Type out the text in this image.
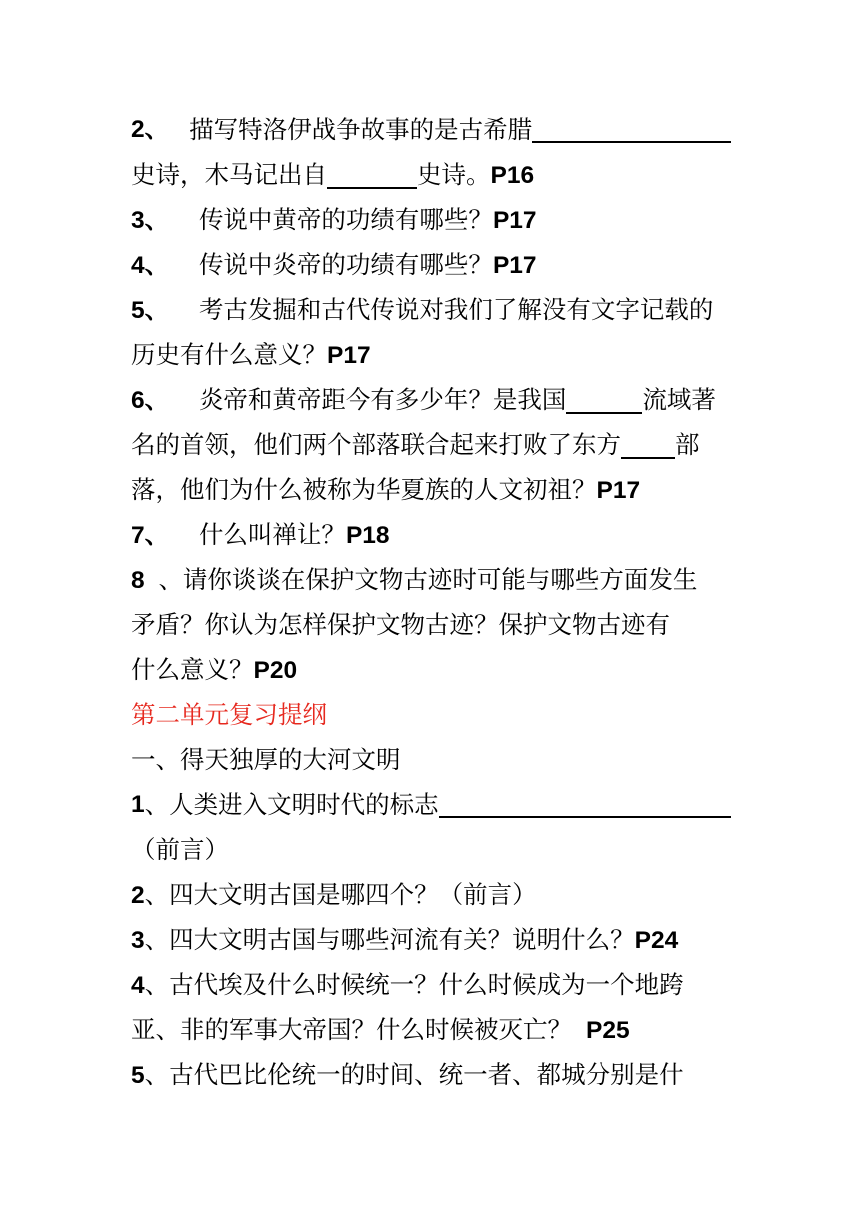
2、 描写特洛伊战争故事的是古希腊
史诗，木马记出自	史诗。P16
3、 传说中黄帝的功绩有哪些？P17
4、 传说中炎帝的功绩有哪些？P17
5、 考古发掘和古代传说对我们了解没有文字记载的
历史有什么意义？P17
6、 炎帝和黄帝距今有多少年？是我国	流域著
名的首领，他们两个部落联合起来打败了东方 部
落，他们为什么被称为华夏族的人文初祖？P17
7、 什么叫禅让？P18
8 、请你谈谈在保护文物古迹时可能与哪些方面发生
矛盾？你认为怎样保护文物古迹？保护文物古迹有
什么意义？P20
第二单元复习提纲
一、得天独厚的大河文明
1 、人类进入文明时代的标志
（前言）
2、四大文明古国是哪四个？（前言）
3、四大文明古国与哪些河流有关？说明什么？P24
4、古代埃及什么时候统一？什么时候成为一个地跨
亚、非的军事大帝国？什么时候被灭亡？ P25
5、古代巴比伦统一的时间、统一者、都城分别是什
